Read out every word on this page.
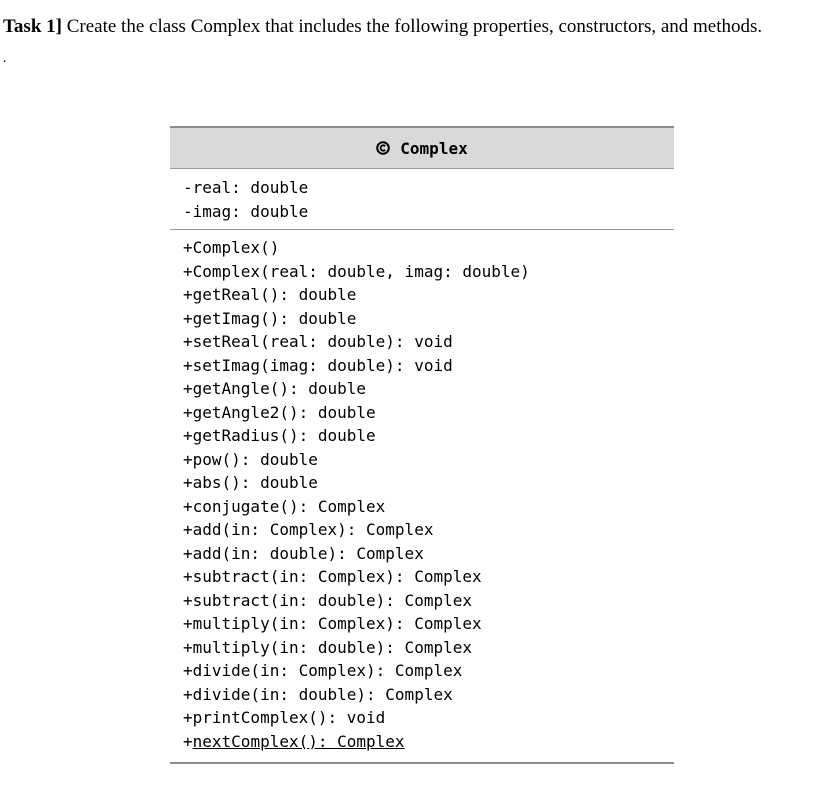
Task 1] Create the class Complex that includes the following properties, constructors, and methods.
.
Complex
-real: double
-imag: double
+Complex()
+Complex(real: double, imag: double)
+getReal(): double
+getImag(): double
+setReal(real: double): void
+setImag(imag: double): void
+getAngle(): double
+getAngle2(): double
+getRadius(): double
+pow(): double
+abs(): double
+conjugate(): Complex
+add(in: Complex): Complex
+add(in: double): Complex
+subtract(in: Complex): Complex
+subtract(in: double): Complex
+multiply(in: Complex): Complex
+multiply(in: double): Complex
+divide(in: Complex): Complex
+divide(in: double): Complex
+printComplex(): void
+nextComplex(): Complex
